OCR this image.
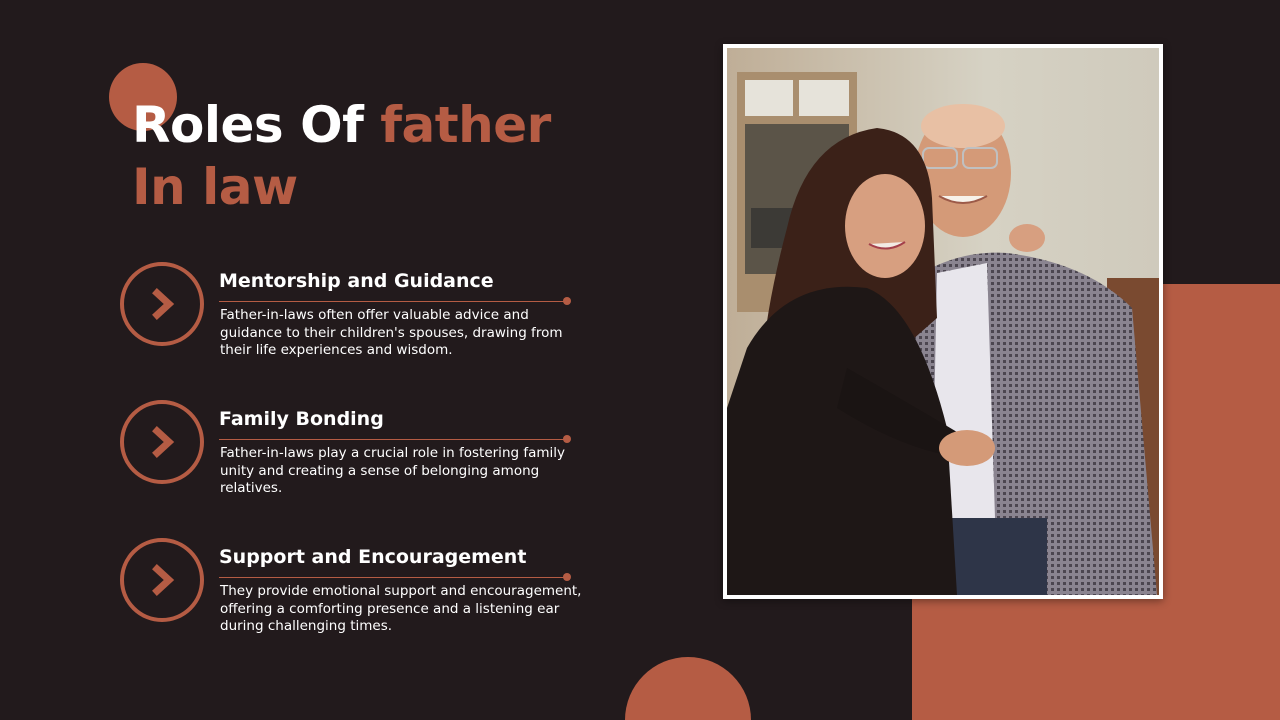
Roles Of father
In law
Mentorship and Guidance
Father-in-laws often offer valuable advice and guidance to their children's spouses, drawing from their life experiences and wisdom.
Family Bonding
Father-in-laws play a crucial role in fostering family unity and creating a sense of belonging among relatives.
Support and Encouragement
They provide emotional support and encouragement, offering a comforting presence and a listening ear during challenging times.
